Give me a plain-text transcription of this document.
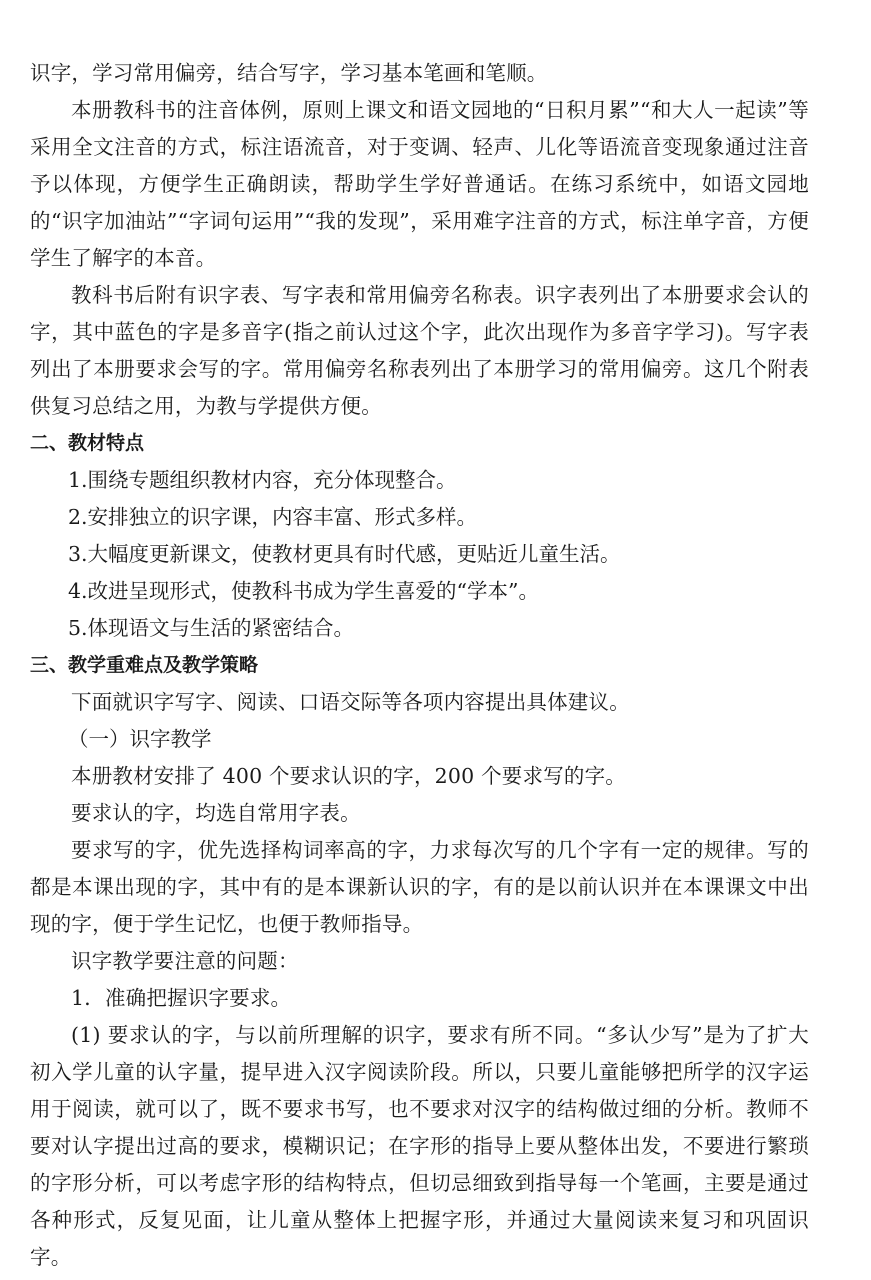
识字，学习常用偏旁，结合写字，学习基本笔画和笔顺。

本册教科书的注音体例，原则上课文和语文园地的“日积月累”“和大人一起读”等采用全文注音的方式，标注语流音，对于变调、轻声、儿化等语流音变现象通过注音予以体现，方便学生正确朗读，帮助学生学好普通话。在练习系统中，如语文园地的“识字加油站”“字词句运用”“我的发现”，采用难字注音的方式，标注单字音，方便学生了解字的本音。

教科书后附有识字表、写字表和常用偏旁名称表。识字表列出了本册要求会认的字，其中蓝色的字是多音字(指之前认过这个字，此次出现作为多音字学习)。写字表列出了本册要求会写的字。常用偏旁名称表列出了本册学习的常用偏旁。这几个附表供复习总结之用，为教与学提供方便。

二、教材特点

1.围绕专题组织教材内容，充分体现整合。

2.安排独立的识字课，内容丰富、形式多样。

3.大幅度更新课文，使教材更具有时代感，更贴近儿童生活。

4.改进呈现形式，使教科书成为学生喜爱的“学本”。

5.体现语文与生活的紧密结合。

三、教学重难点及教学策略

下面就识字写字、阅读、口语交际等各项内容提出具体建议。

（一）识字教学

本册教材安排了 400 个要求认识的字，200 个要求写的字。

要求认的字，均选自常用字表。

要求写的字，优先选择构词率高的字，力求每次写的几个字有一定的规律。写的都是本课出现的字，其中有的是本课新认识的字，有的是以前认识并在本课课文中出现的字，便于学生记忆，也便于教师指导。

识字教学要注意的问题：

1．准确把握识字要求。

(1) 要求认的字，与以前所理解的识字，要求有所不同。“多认少写”是为了扩大初入学儿童的认字量，提早进入汉字阅读阶段。所以，只要儿童能够把所学的汉字运用于阅读，就可以了，既不要求书写，也不要求对汉字的结构做过细的分析。教师不要对认字提出过高的要求，模糊识记；在字形的指导上要从整体出发，不要进行繁琐的字形分析，可以考虑字形的结构特点，但切忌细致到指导每一个笔画，主要是通过各种形式，反复见面，让儿童从整体上把握字形，并通过大量阅读来复习和巩固识字。
